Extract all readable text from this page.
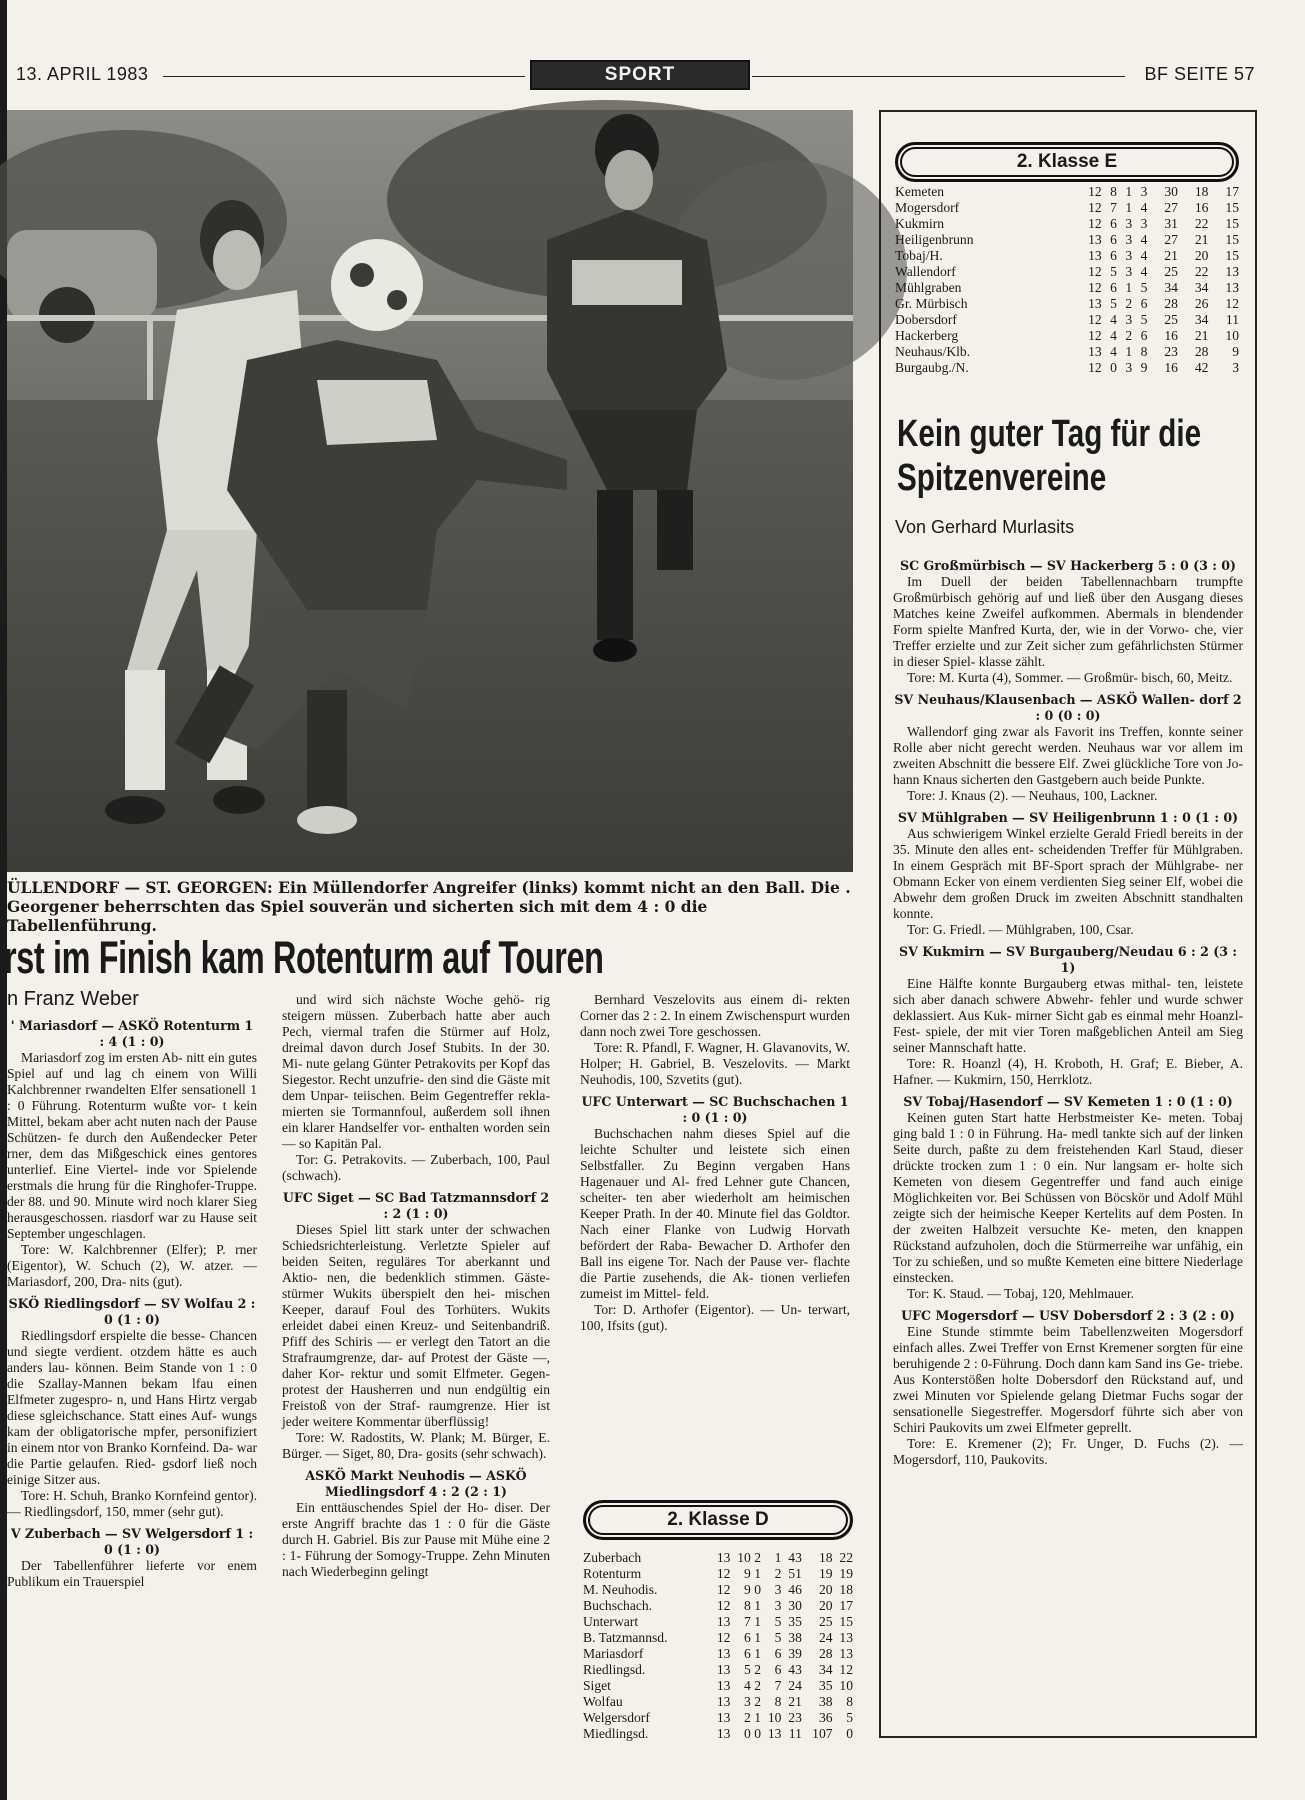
13. APRIL 1983	SPORT	BF SEITE 57
ÜLLENDORF — ST. GEORGEN: Ein Müllendorfer Angreifer (links) kommt nicht an den Ball. Die . Georgener beherrschten das Spiel souverän und sicherten sich mit dem 4 : 0 die Tabellenführung.
rst im Finish kam Rotenturm auf Touren
n Franz Weber

' Mariasdorf — ASKÖ Rotenturm 1 : 4 (1 : 0)

Mariasdorf zog im ersten Ab- nitt ein gutes Spiel auf und lag ch einem von Willi Kalchbrenner rwandelten Elfer sensationell 1 : 0 Führung. Rotenturm wußte vor- t kein Mittel, bekam aber acht nuten nach der Pause Schützen- fe durch den Außendecker Peter rner, dem das Mißgeschick eines gentores unterlief. Eine Viertel- inde vor Spielende erstmals die hrung für die Ringhofer-Truppe. der 88. und 90. Minute wird noch klarer Sieg herausgeschossen. riasdorf war zu Hause seit September ungeschlagen.

Tore: W. Kalchbrenner (Elfer); P. rner (Eigentor), W. Schuch (2), W. atzer. — Mariasdorf, 200, Dra- nits (gut).

SKÖ Riedlingsdorf — SV Wolfau 2 : 0 (1 : 0)

Riedlingsdorf erspielte die besse- Chancen und siegte verdient. otzdem hätte es auch anders lau- können. Beim Stande von 1 : 0 die Szallay-Mannen bekam lfau einen Elfmeter zugespro- n, und Hans Hirtz vergab diese sgleichschance. Statt eines Auf- wungs kam der obligatorische mpfer, personifiziert in einem ntor von Branko Kornfeind. Da- war die Partie gelaufen. Ried- gsdorf ließ noch einige Sitzer aus.

Tore: H. Schuh, Branko Kornfeind gentor). — Riedlingsdorf, 150, mmer (sehr gut).

V Zuberbach — SV Welgersdorf 1 : 0 (1 : 0)

Der Tabellenführer lieferte vor enem Publikum ein Trauerspiel

und wird sich nächste Woche gehö- rig steigern müssen. Zuberbach hatte aber auch Pech, viermal trafen die Stürmer auf Holz, dreimal davon durch Josef Stubits. In der 30. Mi- nute gelang Günter Petrakovits per Kopf das Siegestor. Recht unzufrie- den sind die Gäste mit dem Unpar- teiischen. Beim Gegentreffer rekla- mierten sie Tormannfoul, außerdem soll ihnen ein klarer Handselfer vor- enthalten worden sein — so Kapitän Pal.

Tor: G. Petrakovits. — Zuberbach, 100, Paul (schwach).

UFC Siget — SC Bad Tatzmannsdorf 2 : 2 (1 : 0)

Dieses Spiel litt stark unter der schwachen Schiedsrichterleistung. Verletzte Spieler auf beiden Seiten, reguläres Tor aberkannt und Aktio- nen, die bedenklich stimmen. Gäste- stürmer Wukits überspielt den hei- mischen Keeper, darauf Foul des Torhüters. Wukits erleidet dabei einen Kreuz- und Seitenbandriß. Pfiff des Schiris — er verlegt den Tatort an die Strafraumgrenze, dar- auf Protest der Gäste —, daher Kor- rektur und somit Elfmeter. Gegen- protest der Hausherren und nun endgültig ein Freistoß von der Straf- raumgrenze. Hier ist jeder weitere Kommentar überflüssig!

Tore: W. Radostits, W. Plank; M. Bürger, E. Bürger. — Siget, 80, Dra- gosits (sehr schwach).

ASKÖ Markt Neuhodis — ASKÖ Miedlingsdorf 4 : 2 (2 : 1)

Ein enttäuschendes Spiel der Ho- diser. Der erste Angriff brachte das 1 : 0 für die Gäste durch H. Gabriel. Bis zur Pause mit Mühe eine 2 : 1- Führung der Somogy-Truppe. Zehn Minuten nach Wiederbeginn gelingt

Bernhard Veszelovits aus einem di- rekten Corner das 2 : 2. In einem Zwischenspurt wurden dann noch zwei Tore geschossen.

Tore: R. Pfandl, F. Wagner, H. Glavanovits, W. Holper; H. Gabriel, B. Veszelovits. — Markt Neuhodis, 100, Szvetits (gut).

UFC Unterwart — SC Buchschachen 1 : 0 (1 : 0)

Buchschachen nahm dieses Spiel auf die leichte Schulter und leistete sich einen Selbstfaller. Zu Beginn vergaben Hans Hagenauer und Al- fred Lehner gute Chancen, scheiter- ten aber wiederholt am heimischen Keeper Prath. In der 40. Minute fiel das Goldtor. Nach einer Flanke von Ludwig Horvath befördert der Raba- Bewacher D. Arthofer den Ball ins eigene Tor. Nach der Pause ver- flachte die Partie zusehends, die Ak- tionen verliefen zumeist im Mittel- feld.

Tor: D. Arthofer (Eigentor). — Un- terwart, 100, Ifsits (gut).

2. Klasse D
Zuberbach	13	10	2	1	43	18	22
Rotenturm	12	9	1	2	51	19	19
M. Neuhodis.	12	9	0	3	46	20	18
Buchschach.	12	8	1	3	30	20	17
Unterwart	13	7	1	5	35	25	15
B. Tatzmannsd.	12	6	1	5	38	24	13
Mariasdorf	13	6	1	6	39	28	13
Riedlingsd.	13	5	2	6	43	34	12
Siget	13	4	2	7	24	35	10
Wolfau	13	3	2	8	21	38	8
Welgersdorf	13	2	1	10	23	36	5
Miedlingsd.	13	0	0	13	11	107	0
2. Klasse E
Kemeten	12	8	1	3	30	18	17
Mogersdorf	12	7	1	4	27	16	15
Kukmirn	12	6	3	3	31	22	15
Heiligenbrunn	13	6	3	4	27	21	15
Tobaj/H.	13	6	3	4	21	20	15
Wallendorf	12	5	3	4	25	22	13
Mühlgraben	12	6	1	5	34	34	13
Gr. Mürbisch	13	5	2	6	28	26	12
Dobersdorf	12	4	3	5	25	34	11
Hackerberg	12	4	2	6	16	21	10
Neuhaus/Klb.	13	4	1	8	23	28	9
Burgaubg./N.	12	0	3	9	16	42	3
Kein guter Tag für die Spitzenvereine
Von Gerhard Murlasits

SC Großmürbisch — SV Hackerberg 5 : 0 (3 : 0)

Im Duell der beiden Tabellennachbarn trumpfte Großmürbisch gehörig auf und ließ über den Ausgang dieses Matches keine Zweifel aufkommen. Abermals in blendender Form spielte Manfred Kurta, der, wie in der Vorwo- che, vier Treffer erzielte und zur Zeit sicher zum gefährlichsten Stürmer in dieser Spiel- klasse zählt.

Tore: M. Kurta (4), Sommer. — Großmür- bisch, 60, Meitz.

SV Neuhaus/Klausenbach — ASKÖ Wallen- dorf 2 : 0 (0 : 0)

Wallendorf ging zwar als Favorit ins Treffen, konnte seiner Rolle aber nicht gerecht werden. Neuhaus war vor allem im zweiten Abschnitt die bessere Elf. Zwei glückliche Tore von Jo- hann Knaus sicherten den Gastgebern auch beide Punkte.

Tore: J. Knaus (2). — Neuhaus, 100, Lackner.

SV Mühlgraben — SV Heiligenbrunn 1 : 0 (1 : 0)

Aus schwierigem Winkel erzielte Gerald Friedl bereits in der 35. Minute den alles ent- scheidenden Treffer für Mühlgraben. In einem Gespräch mit BF-Sport sprach der Mühlgrabe- ner Obmann Ecker von einem verdienten Sieg seiner Elf, wobei die Abwehr dem großen Druck im zweiten Abschnitt standhalten konnte.

Tor: G. Friedl. — Mühlgraben, 100, Csar.

SV Kukmirn — SV Burgauberg/Neudau 6 : 2 (3 : 1)

Eine Hälfte konnte Burgauberg etwas mithal- ten, leistete sich aber danach schwere Abwehr- fehler und wurde schwer deklassiert. Aus Kuk- mirner Sicht gab es einmal mehr Hoanzl-Fest- spiele, der mit vier Toren maßgeblichen Anteil am Sieg seiner Mannschaft hatte.

Tore: R. Hoanzl (4), H. Kroboth, H. Graf; E. Bieber, A. Hafner. — Kukmirn, 150, Herrklotz.

SV Tobaj/Hasendorf — SV Kemeten 1 : 0 (1 : 0)

Keinen guten Start hatte Herbstmeister Ke- meten. Tobaj ging bald 1 : 0 in Führung. Ha- medl tankte sich auf der linken Seite durch, paßte zu dem freistehenden Karl Staud, dieser drückte trocken zum 1 : 0 ein. Nur langsam er- holte sich Kemeten von diesem Gegentreffer und fand auch einige Möglichkeiten vor. Bei Schüssen von Böcskör und Adolf Mühl zeigte sich der heimische Keeper Kertelits auf dem Posten. In der zweiten Halbzeit versuchte Ke- meten, den knappen Rückstand aufzuholen, doch die Stürmerreihe war unfähig, ein Tor zu schießen, und so mußte Kemeten eine bittere Niederlage einstecken.

Tor: K. Staud. — Tobaj, 120, Mehlmauer.

UFC Mogersdorf — USV Dobersdorf 2 : 3 (2 : 0)

Eine Stunde stimmte beim Tabellenzweiten Mogersdorf einfach alles. Zwei Treffer von Ernst Kremener sorgten für eine beruhigende 2 : 0-Führung. Doch dann kam Sand ins Ge- triebe. Aus Konterstößen holte Dobersdorf den Rückstand auf, und zwei Minuten vor Spielende gelang Dietmar Fuchs sogar der sensationelle Siegestreffer. Mogersdorf führte sich aber von Schiri Paukovits um zwei Elfmeter geprellt.

Tore: E. Kremener (2); Fr. Unger, D. Fuchs (2). — Mogersdorf, 110, Paukovits.
